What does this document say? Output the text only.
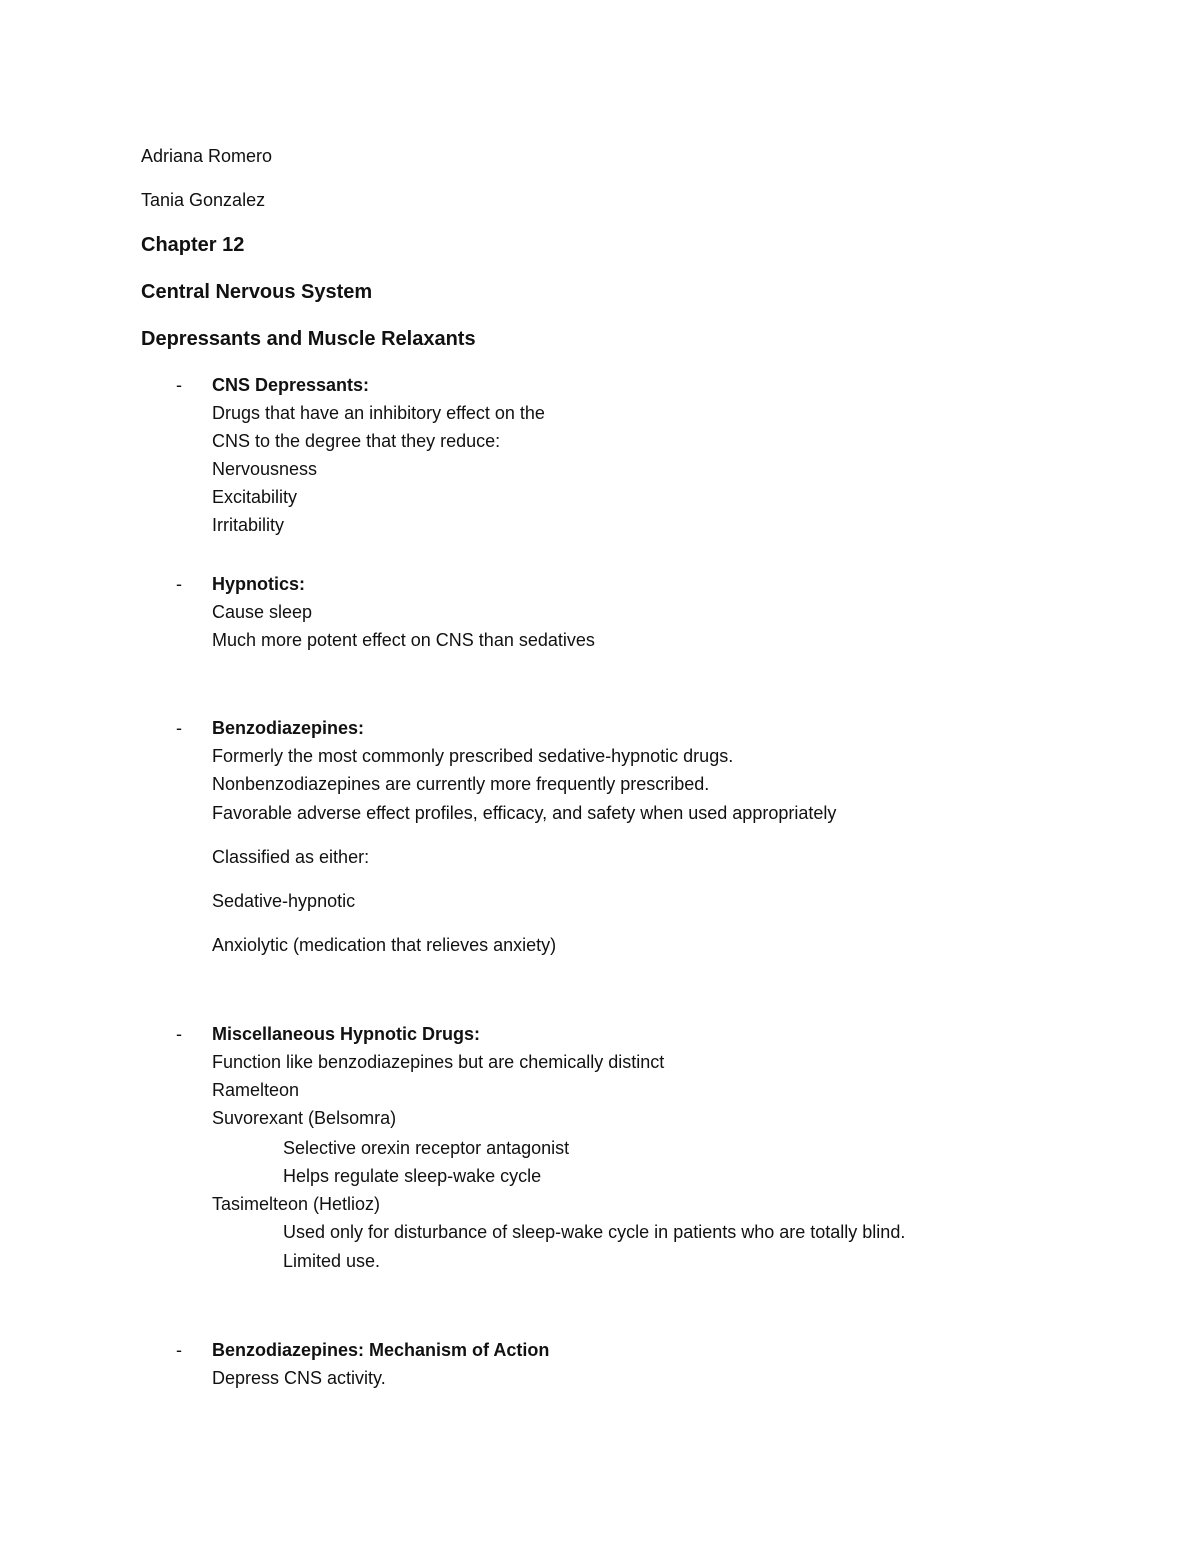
Adriana Romero
Tania Gonzalez
Chapter 12
Central Nervous System
Depressants and Muscle Relaxants
- CNS Depressants:
Drugs that have an inhibitory effect on the
CNS to the degree that they reduce:
Nervousness
Excitability
Irritability
- Hypnotics:
Cause sleep
Much more potent effect on CNS than sedatives
- Benzodiazepines:
Formerly the most commonly prescribed sedative-hypnotic drugs.
Nonbenzodiazepines are currently more frequently prescribed.
Favorable adverse effect profiles, efficacy, and safety when used appropriately
Classified as either:
Sedative-hypnotic
Anxiolytic (medication that relieves anxiety)
- Miscellaneous Hypnotic Drugs:
Function like benzodiazepines but are chemically distinct
Ramelteon
Suvorexant (Belsomra)
Selective orexin receptor antagonist
Helps regulate sleep-wake cycle
Tasimelteon (Hetlioz)
Used only for disturbance of sleep-wake cycle in patients who are totally blind.
Limited use.
- Benzodiazepines: Mechanism of Action
Depress CNS activity.
